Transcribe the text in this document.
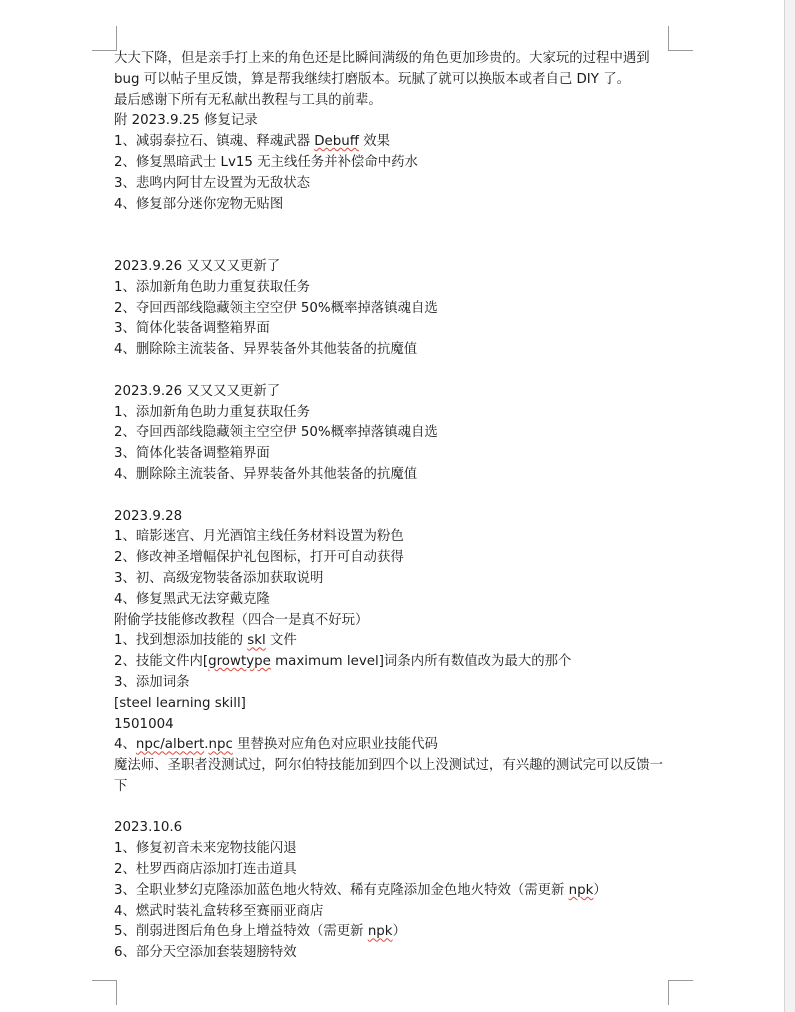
大大下降，但是亲手打上来的角色还是比瞬间满级的角色更加珍贵的。大家玩的过程中遇到
bug 可以帖子里反馈，算是帮我继续打磨版本。玩腻了就可以换版本或者自己 DIY 了。
最后感谢下所有无私献出教程与工具的前辈。
附 2023.9.25 修复记录
1、减弱泰拉石、镇魂、释魂武器 Debuff 效果
2、修复黑暗武士 Lv15 无主线任务并补偿命中药水
3、悲鸣内阿甘左设置为无敌状态
4、修复部分迷你宠物无贴图
2023.9.26 又又又又更新了
1、添加新角色助力重复获取任务
2、夺回西部线隐藏领主空空伊 50%概率掉落镇魂自选
3、简体化装备调整箱界面
4、删除除主流装备、异界装备外其他装备的抗魔值
2023.9.26 又又又又更新了
1、添加新角色助力重复获取任务
2、夺回西部线隐藏领主空空伊 50%概率掉落镇魂自选
3、简体化装备调整箱界面
4、删除除主流装备、异界装备外其他装备的抗魔值
2023.9.28
1、暗影迷宫、月光酒馆主线任务材料设置为粉色
2、修改神圣增幅保护礼包图标，打开可自动获得
3、初、高级宠物装备添加获取说明
4、修复黑武无法穿戴克隆
附偷学技能修改教程（四合一是真不好玩）
1、找到想添加技能的 skl 文件
2、技能文件内[growtype maximum level]词条内所有数值改为最大的那个
3、添加词条
[steel learning skill]
1501004
4、npc/albert.npc 里替换对应角色对应职业技能代码
魔法师、圣职者没测试过，阿尔伯特技能加到四个以上没测试过，有兴趣的测试完可以反馈一下
2023.10.6
1、修复初音未来宠物技能闪退
2、杜罗西商店添加打连击道具
3、全职业梦幻克隆添加蓝色地火特效、稀有克隆添加金色地火特效（需更新 npk）
4、燃武时装礼盒转移至赛丽亚商店
5、削弱进图后角色身上增益特效（需更新 npk）
6、部分天空添加套装翅膀特效
